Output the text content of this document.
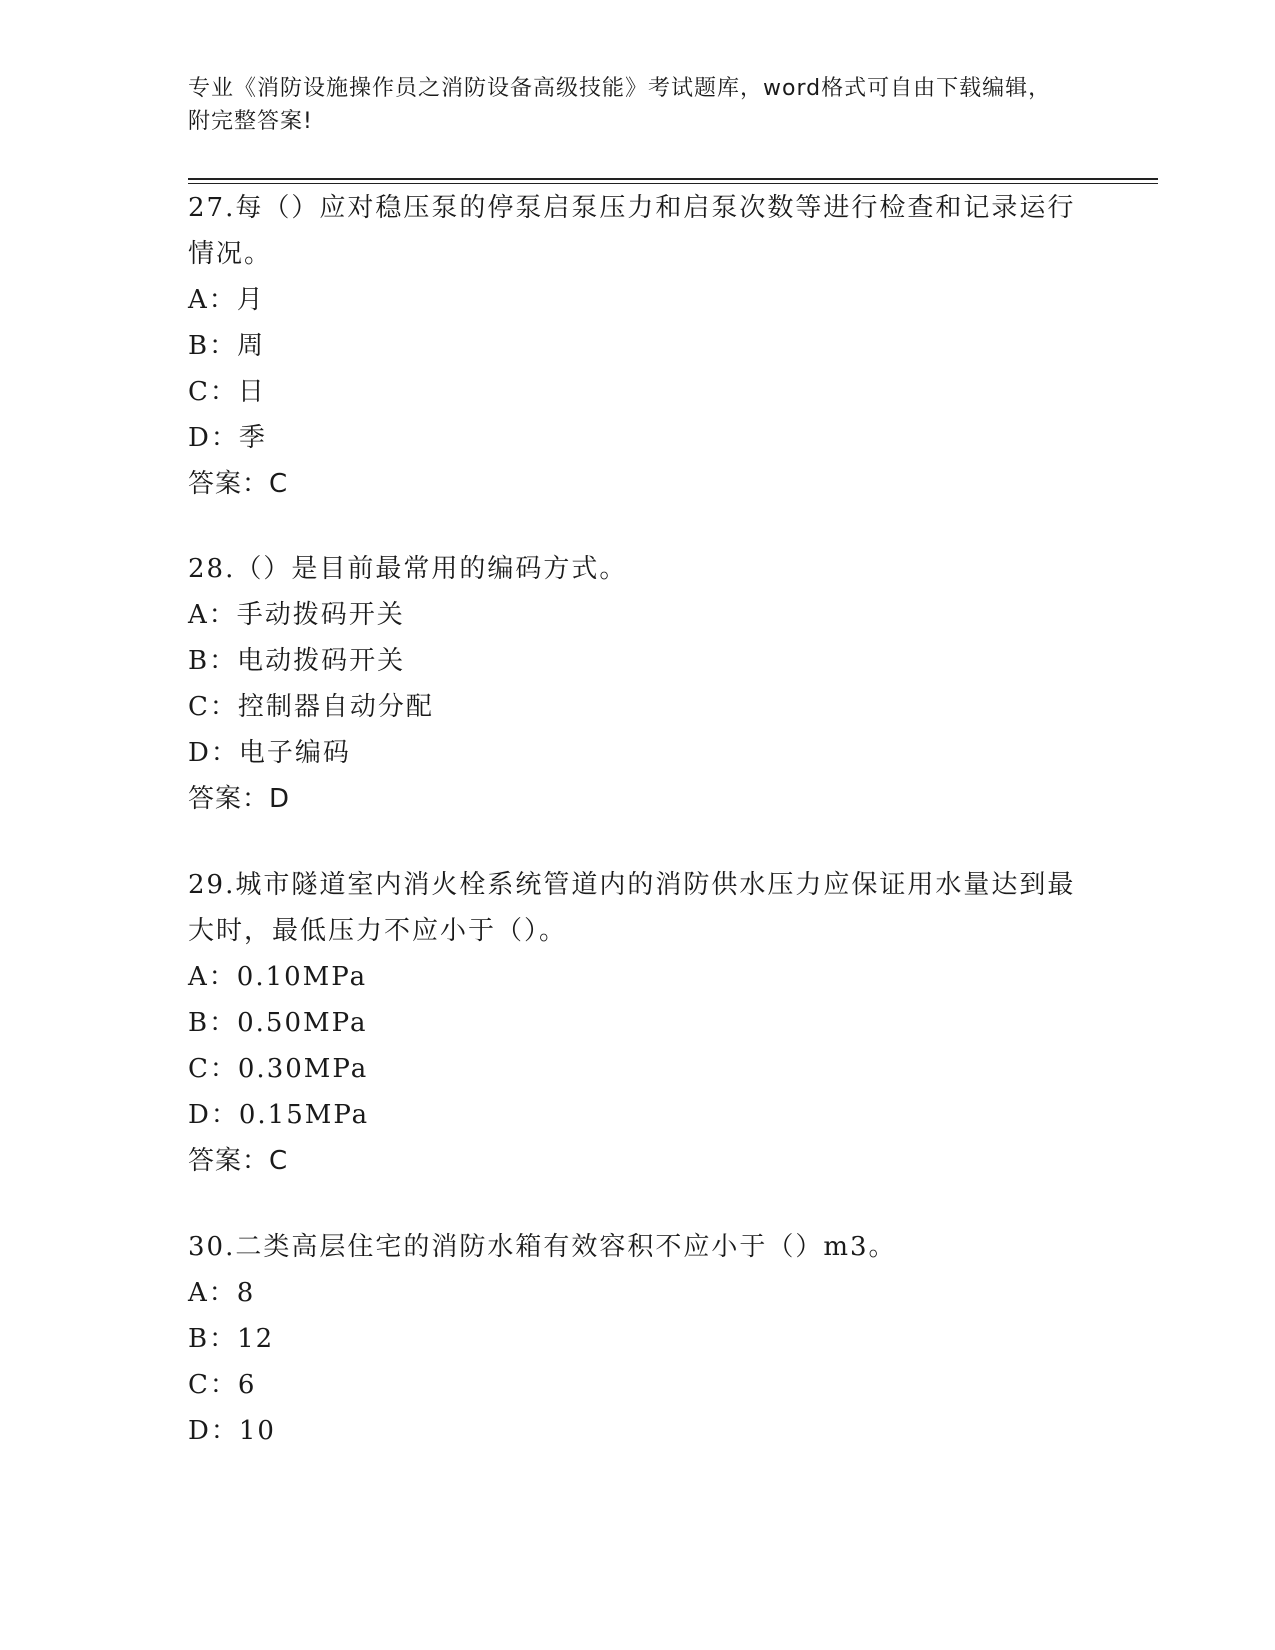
专业《消防设施操作员之消防设备高级技能》考试题库，word格式可自由下载编辑，附完整答案!

27.每（）应对稳压泵的停泵启泵压力和启泵次数等进行检查和记录运行情况。

A：月

B：周

C：日

D：季

答案：C

28.（）是目前最常用的编码方式。

A：手动拨码开关

B：电动拨码开关

C：控制器自动分配

D：电子编码

答案：D

29.城市隧道室内消火栓系统管道内的消防供水压力应保证用水量达到最大时，最低压力不应小于（）。

A：0.10MPa

B：0.50MPa

C：0.30MPa

D：0.15MPa

答案：C

30.二类高层住宅的消防水箱有效容积不应小于（）m3。

A：8

B：12

C：6

D：10
